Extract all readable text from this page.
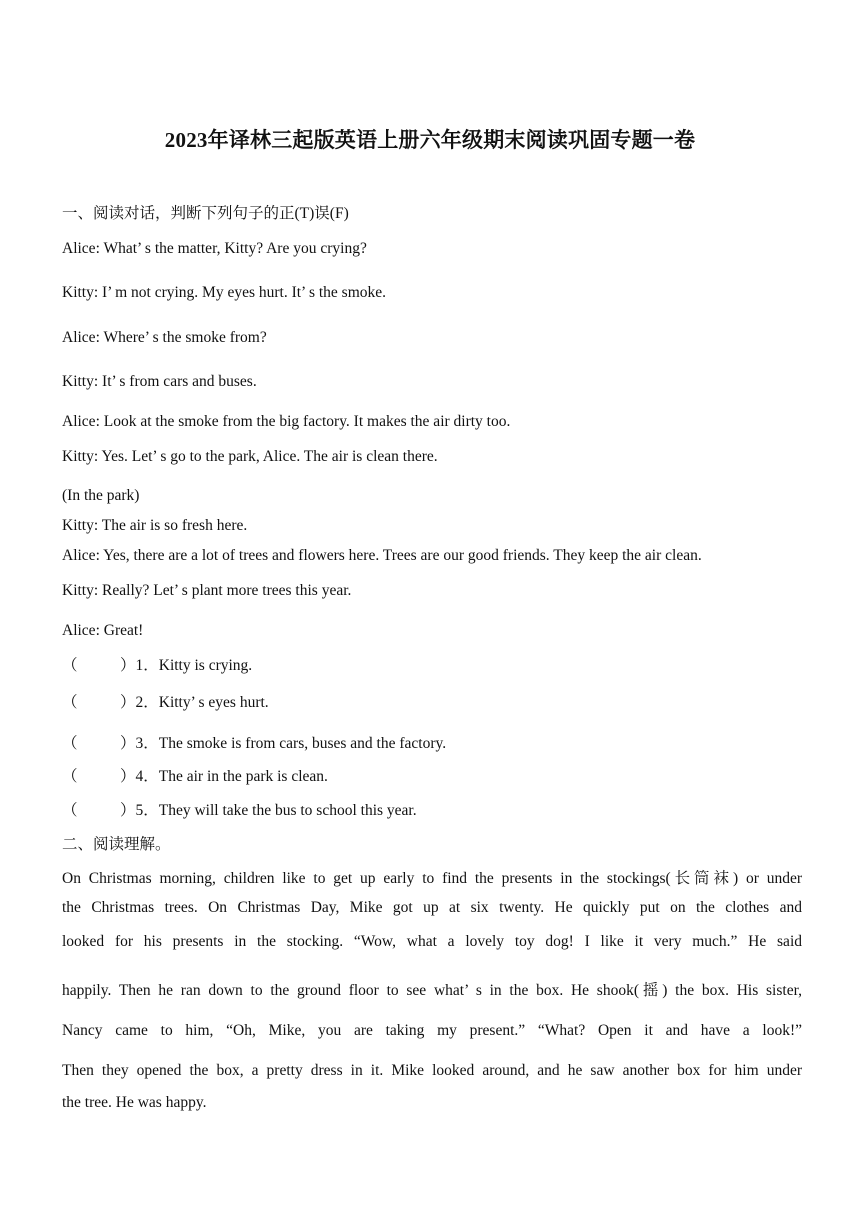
2023年译林三起版英语上册六年级期末阅读巩固专题一卷
一、阅读对话，判断下列句子的正(T)误(F)
Alice: What’ s the matter, Kitty? Are you crying?
Kitty: I’ m not crying. My eyes hurt. It’ s the smoke.
Alice: Where’ s the smoke from?
Kitty: It’ s from cars and buses.
Alice: Look at the smoke from the big factory. It makes the air dirty too.
Kitty: Yes. Let’ s go to the park, Alice. The air is clean there.
(In the park)
Kitty: The air is so fresh here.
Alice: Yes, there are a lot of trees and flowers here. Trees are our good friends. They keep the air clean.
Kitty: Really? Let’ s plant more trees this year.
Alice: Great!
（	）1．Kitty is crying.
（	）2．Kitty’ s eyes hurt.
（	）3．The smoke is from cars, buses and the factory.
（	）4．The air in the park is clean.
（	）5．They will take the bus to school this year.
二、阅读理解。
On Christmas morning, children like to get up early to find the presents in the stockings(长筒袜) or under
the Christmas trees. On Christmas Day, Mike got up at six twenty. He quickly put on the clothes and
looked for his presents in the stocking. “Wow, what a lovely toy dog! I like it very much.” He said
happily. Then he ran down to the ground floor to see what’ s in the box. He shook(摇) the box. His sister,
Nancy came to him, “Oh, Mike, you are taking my present.” “What? Open it and have a look!”
Then they opened the box, a pretty dress in it. Mike looked around, and he saw another box for him under
the tree. He was happy.
